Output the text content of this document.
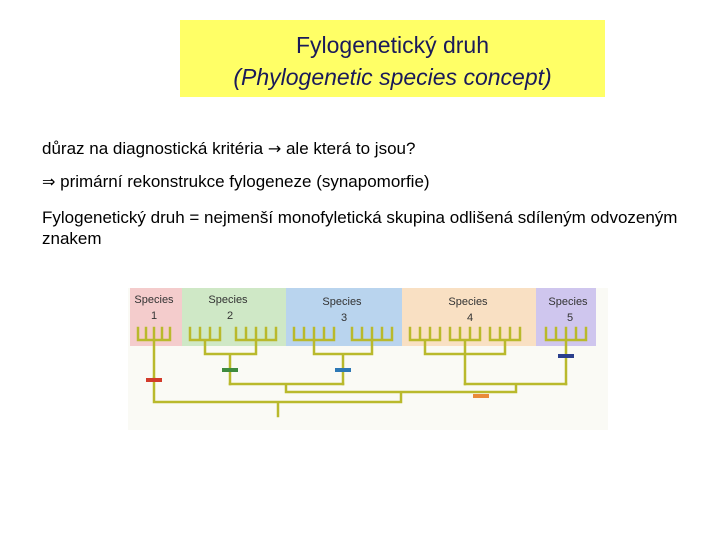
Fylogenetický druh
(Phylogenetic species concept)
důraz na diagnostická kritéria → ale která to jsou?
⇒ primární rekonstrukce fylogeneze (synapomorfie)
Fylogenetický druh = nejmenší monofyletická skupina odlišená sdíleným odvozeným znakem
Species
1
Species
2
Species
3
Species
4
Species
5
